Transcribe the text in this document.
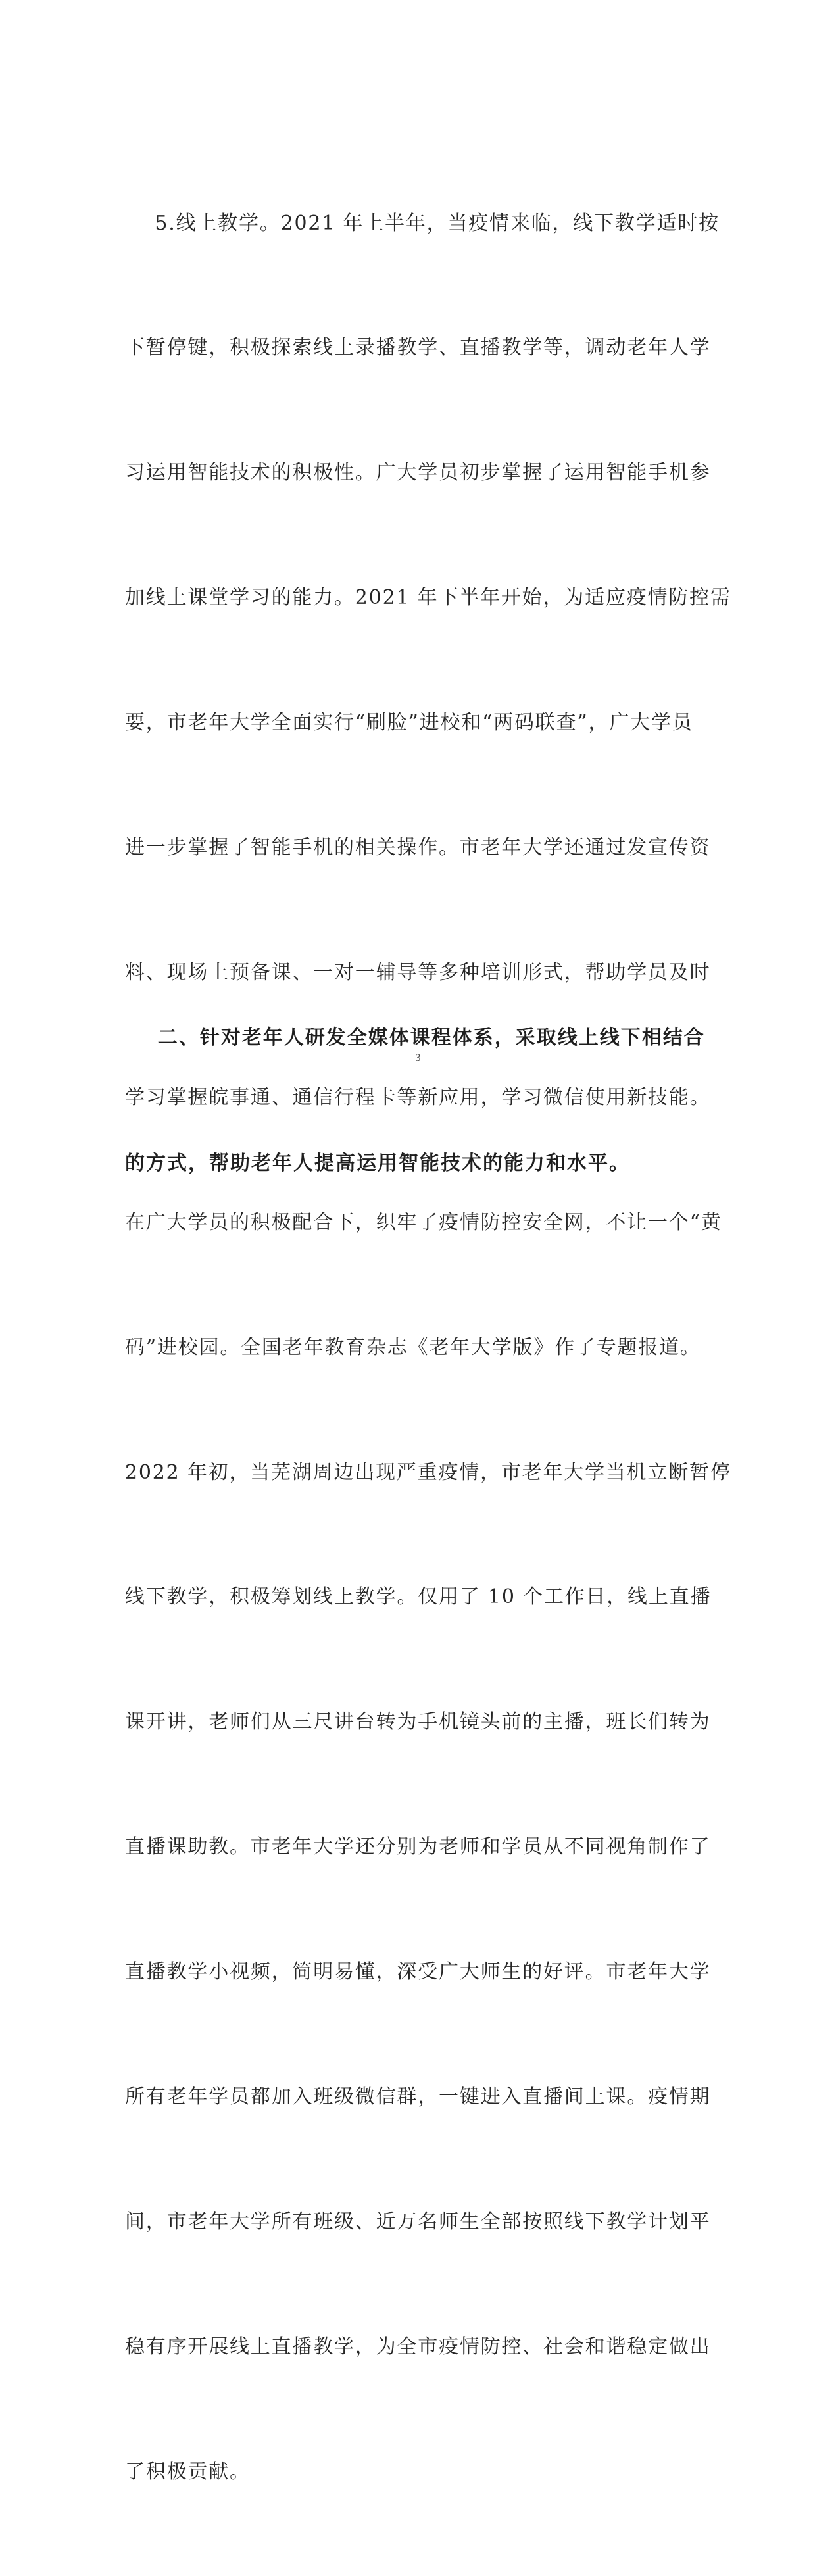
5.线上教学。2021 年上半年，当疫情来临，线下教学适时按

下暂停键，积极探索线上录播教学、直播教学等，调动老年人学

习运用智能技术的积极性。广大学员初步掌握了运用智能手机参

加线上课堂学习的能力。2021 年下半年开始，为适应疫情防控需

要，市老年大学全面实行“刷脸”进校和“两码联查”，广大学员

进一步掌握了智能手机的相关操作。市老年大学还通过发宣传资

料、现场上预备课、一对一辅导等多种培训形式，帮助学员及时

学习掌握皖事通、通信行程卡等新应用，学习微信使用新技能。

在广大学员的积极配合下，织牢了疫情防控安全网，不让一个“黄

码”进校园。全国老年教育杂志《老年大学版》作了专题报道。

2022 年初，当芜湖周边出现严重疫情，市老年大学当机立断暂停

线下教学，积极筹划线上教学。仅用了 10 个工作日，线上直播

课开讲，老师们从三尺讲台转为手机镜头前的主播，班长们转为

直播课助教。市老年大学还分别为老师和学员从不同视角制作了

直播教学小视频，简明易懂，深受广大师生的好评。市老年大学

所有老年学员都加入班级微信群，一键进入直播间上课。疫情期

间，市老年大学所有班级、近万名师生全部按照线下教学计划平

稳有序开展线上直播教学，为全市疫情防控、社会和谐稳定做出

了积极贡献。

二、针对老年人研发全媒体课程体系，采取线上线下相结合

的方式，帮助老年人提高运用智能技术的能力和水平。

3
